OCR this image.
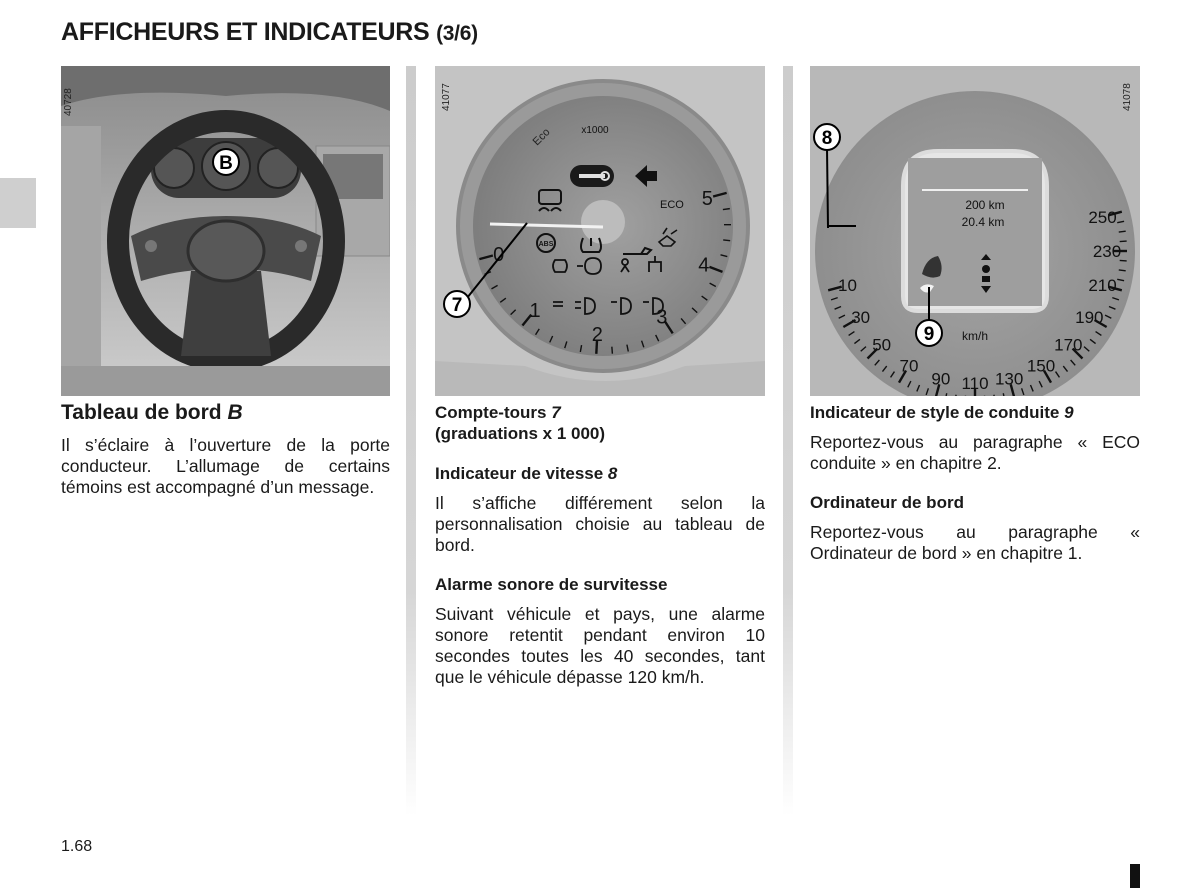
AFFICHEURS ET INDICATEURS (3/6)
B
40728
0
1
2
3
4
5
x1000
Eco
ECO
ABS
7
41077
10
30
50
70
90 110 130
150
170
190
210
230
250
200 km
20.4 km
km/h
8
9
41078
Tableau de bord B

Il s’éclaire à l’ouverture de la porte conducteur. L’allumage de certains témoins est accompagné d’un message.

Compte-tours 7
(graduations x 1 000)
Indicateur de vitesse 8

Il s’affiche différement selon la personnalisation choisie au tableau de bord.

Alarme sonore de survitesse

Suivant véhicule et pays, une alarme sonore retentit pendant environ 10 secondes toutes les 40 secondes, tant que le véhicule dépasse 120 km/h.

Indicateur de style de conduite 9

Reportez-vous au paragraphe « ECO conduite » en chapitre 2.

Ordinateur de bord

Reportez-vous au paragraphe « Ordinateur de bord » en chapitre 1.

1.68
